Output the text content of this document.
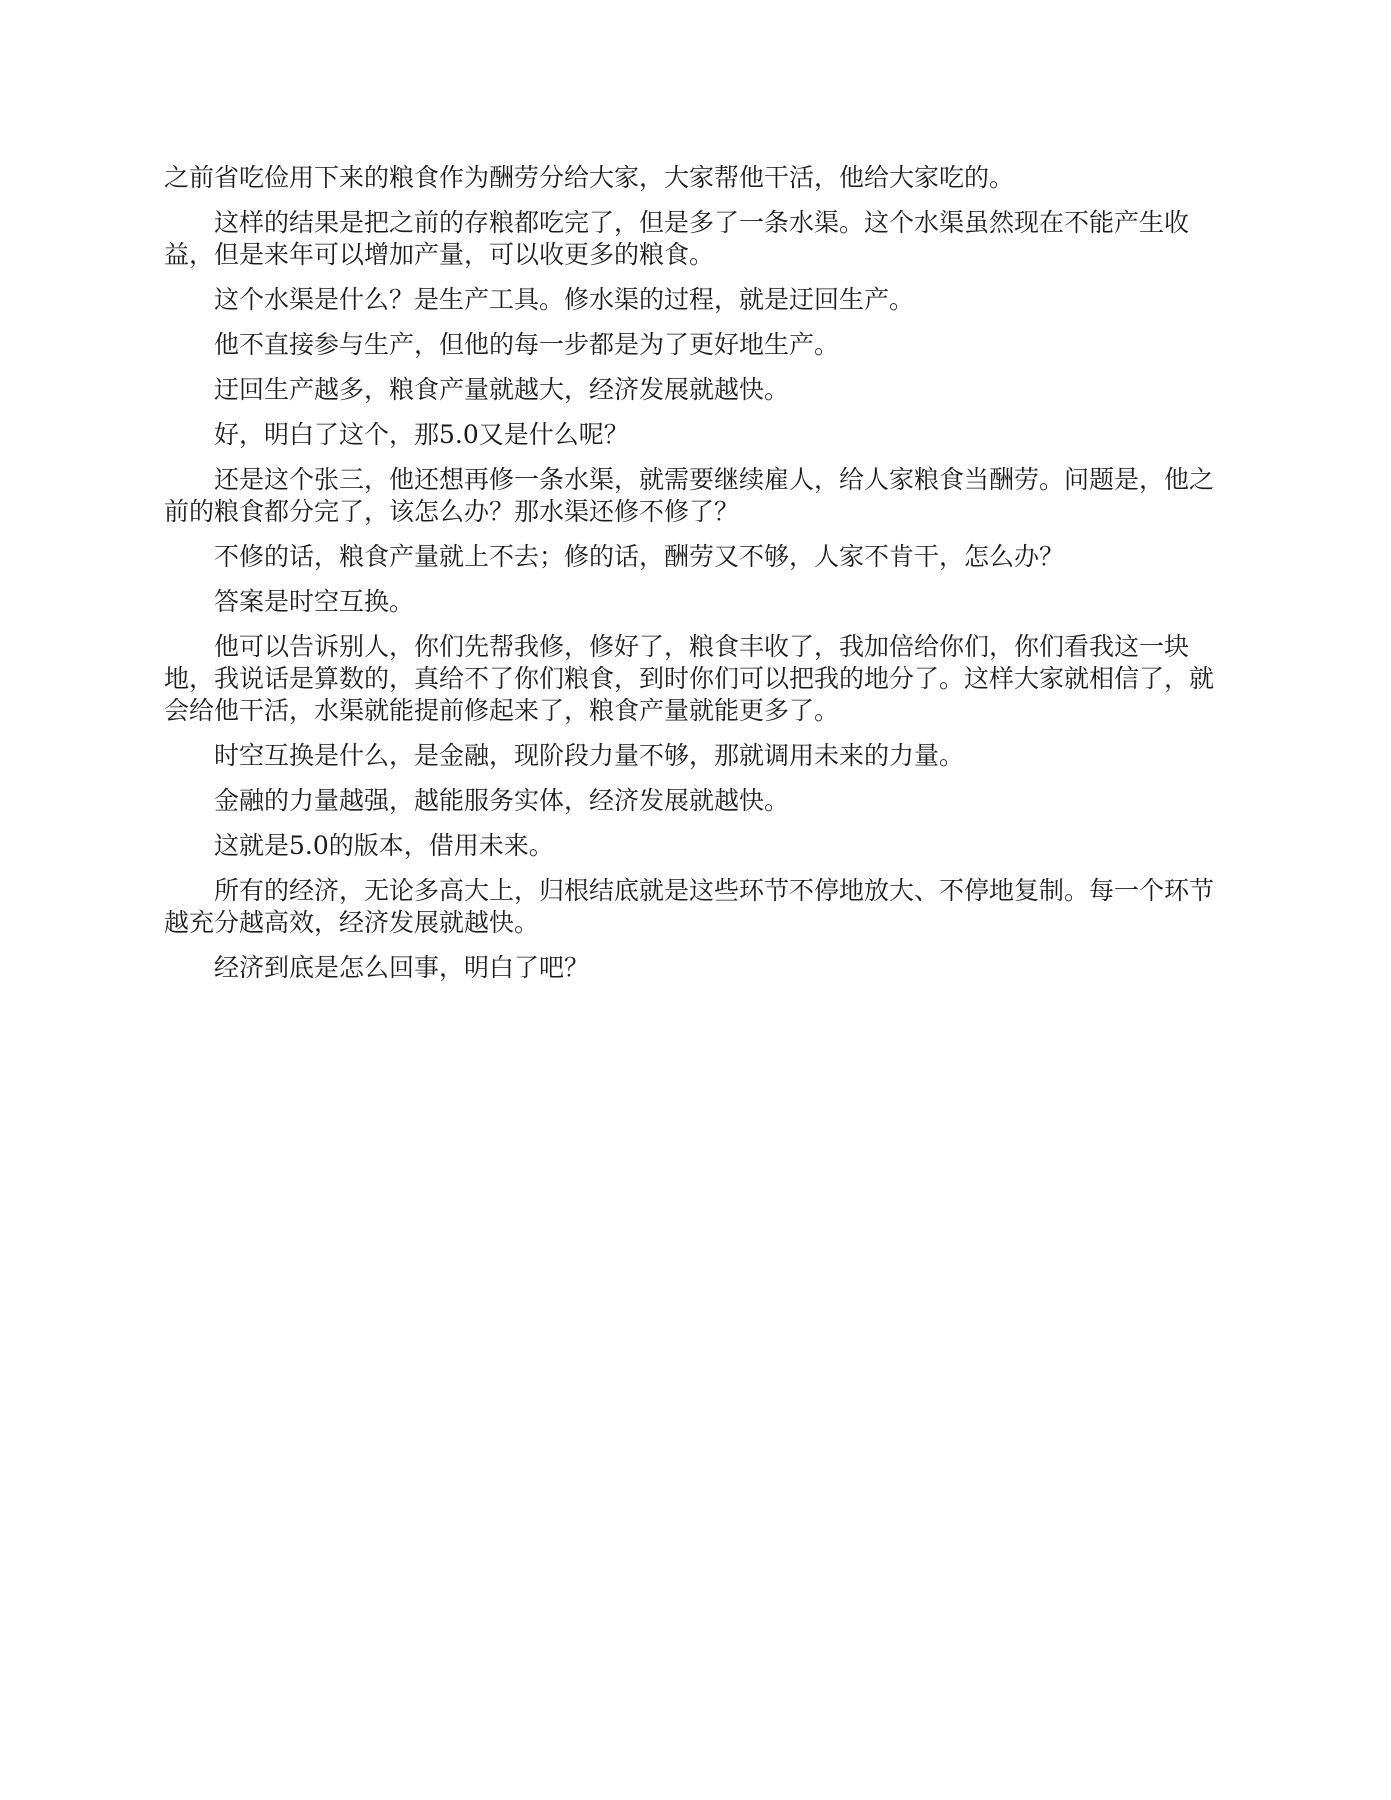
之前省吃俭用下来的粮食作为酬劳分给大家，大家帮他干活，他给大家吃的。

这样的结果是把之前的存粮都吃完了，但是多了一条水渠。这个水渠虽然现在不能产生收益，但是来年可以增加产量，可以收更多的粮食。

这个水渠是什么？是生产工具。修水渠的过程，就是迂回生产。

他不直接参与生产，但他的每一步都是为了更好地生产。

迂回生产越多，粮食产量就越大，经济发展就越快。

好，明白了这个，那5.0又是什么呢？

还是这个张三，他还想再修一条水渠，就需要继续雇人，给人家粮食当酬劳。问题是，他之前的粮食都分完了，该怎么办？那水渠还修不修了？

不修的话，粮食产量就上不去；修的话，酬劳又不够，人家不肯干，怎么办？

答案是时空互换。

他可以告诉别人，你们先帮我修，修好了，粮食丰收了，我加倍给你们，你们看我这一块地，我说话是算数的，真给不了你们粮食，到时你们可以把我的地分了。这样大家就相信了，就会给他干活，水渠就能提前修起来了，粮食产量就能更多了。

时空互换是什么，是金融，现阶段力量不够，那就调用未来的力量。

金融的力量越强，越能服务实体，经济发展就越快。

这就是5.0的版本，借用未来。

所有的经济，无论多高大上，归根结底就是这些环节不停地放大、不停地复制。每一个环节越充分越高效，经济发展就越快。

经济到底是怎么回事，明白了吧？
